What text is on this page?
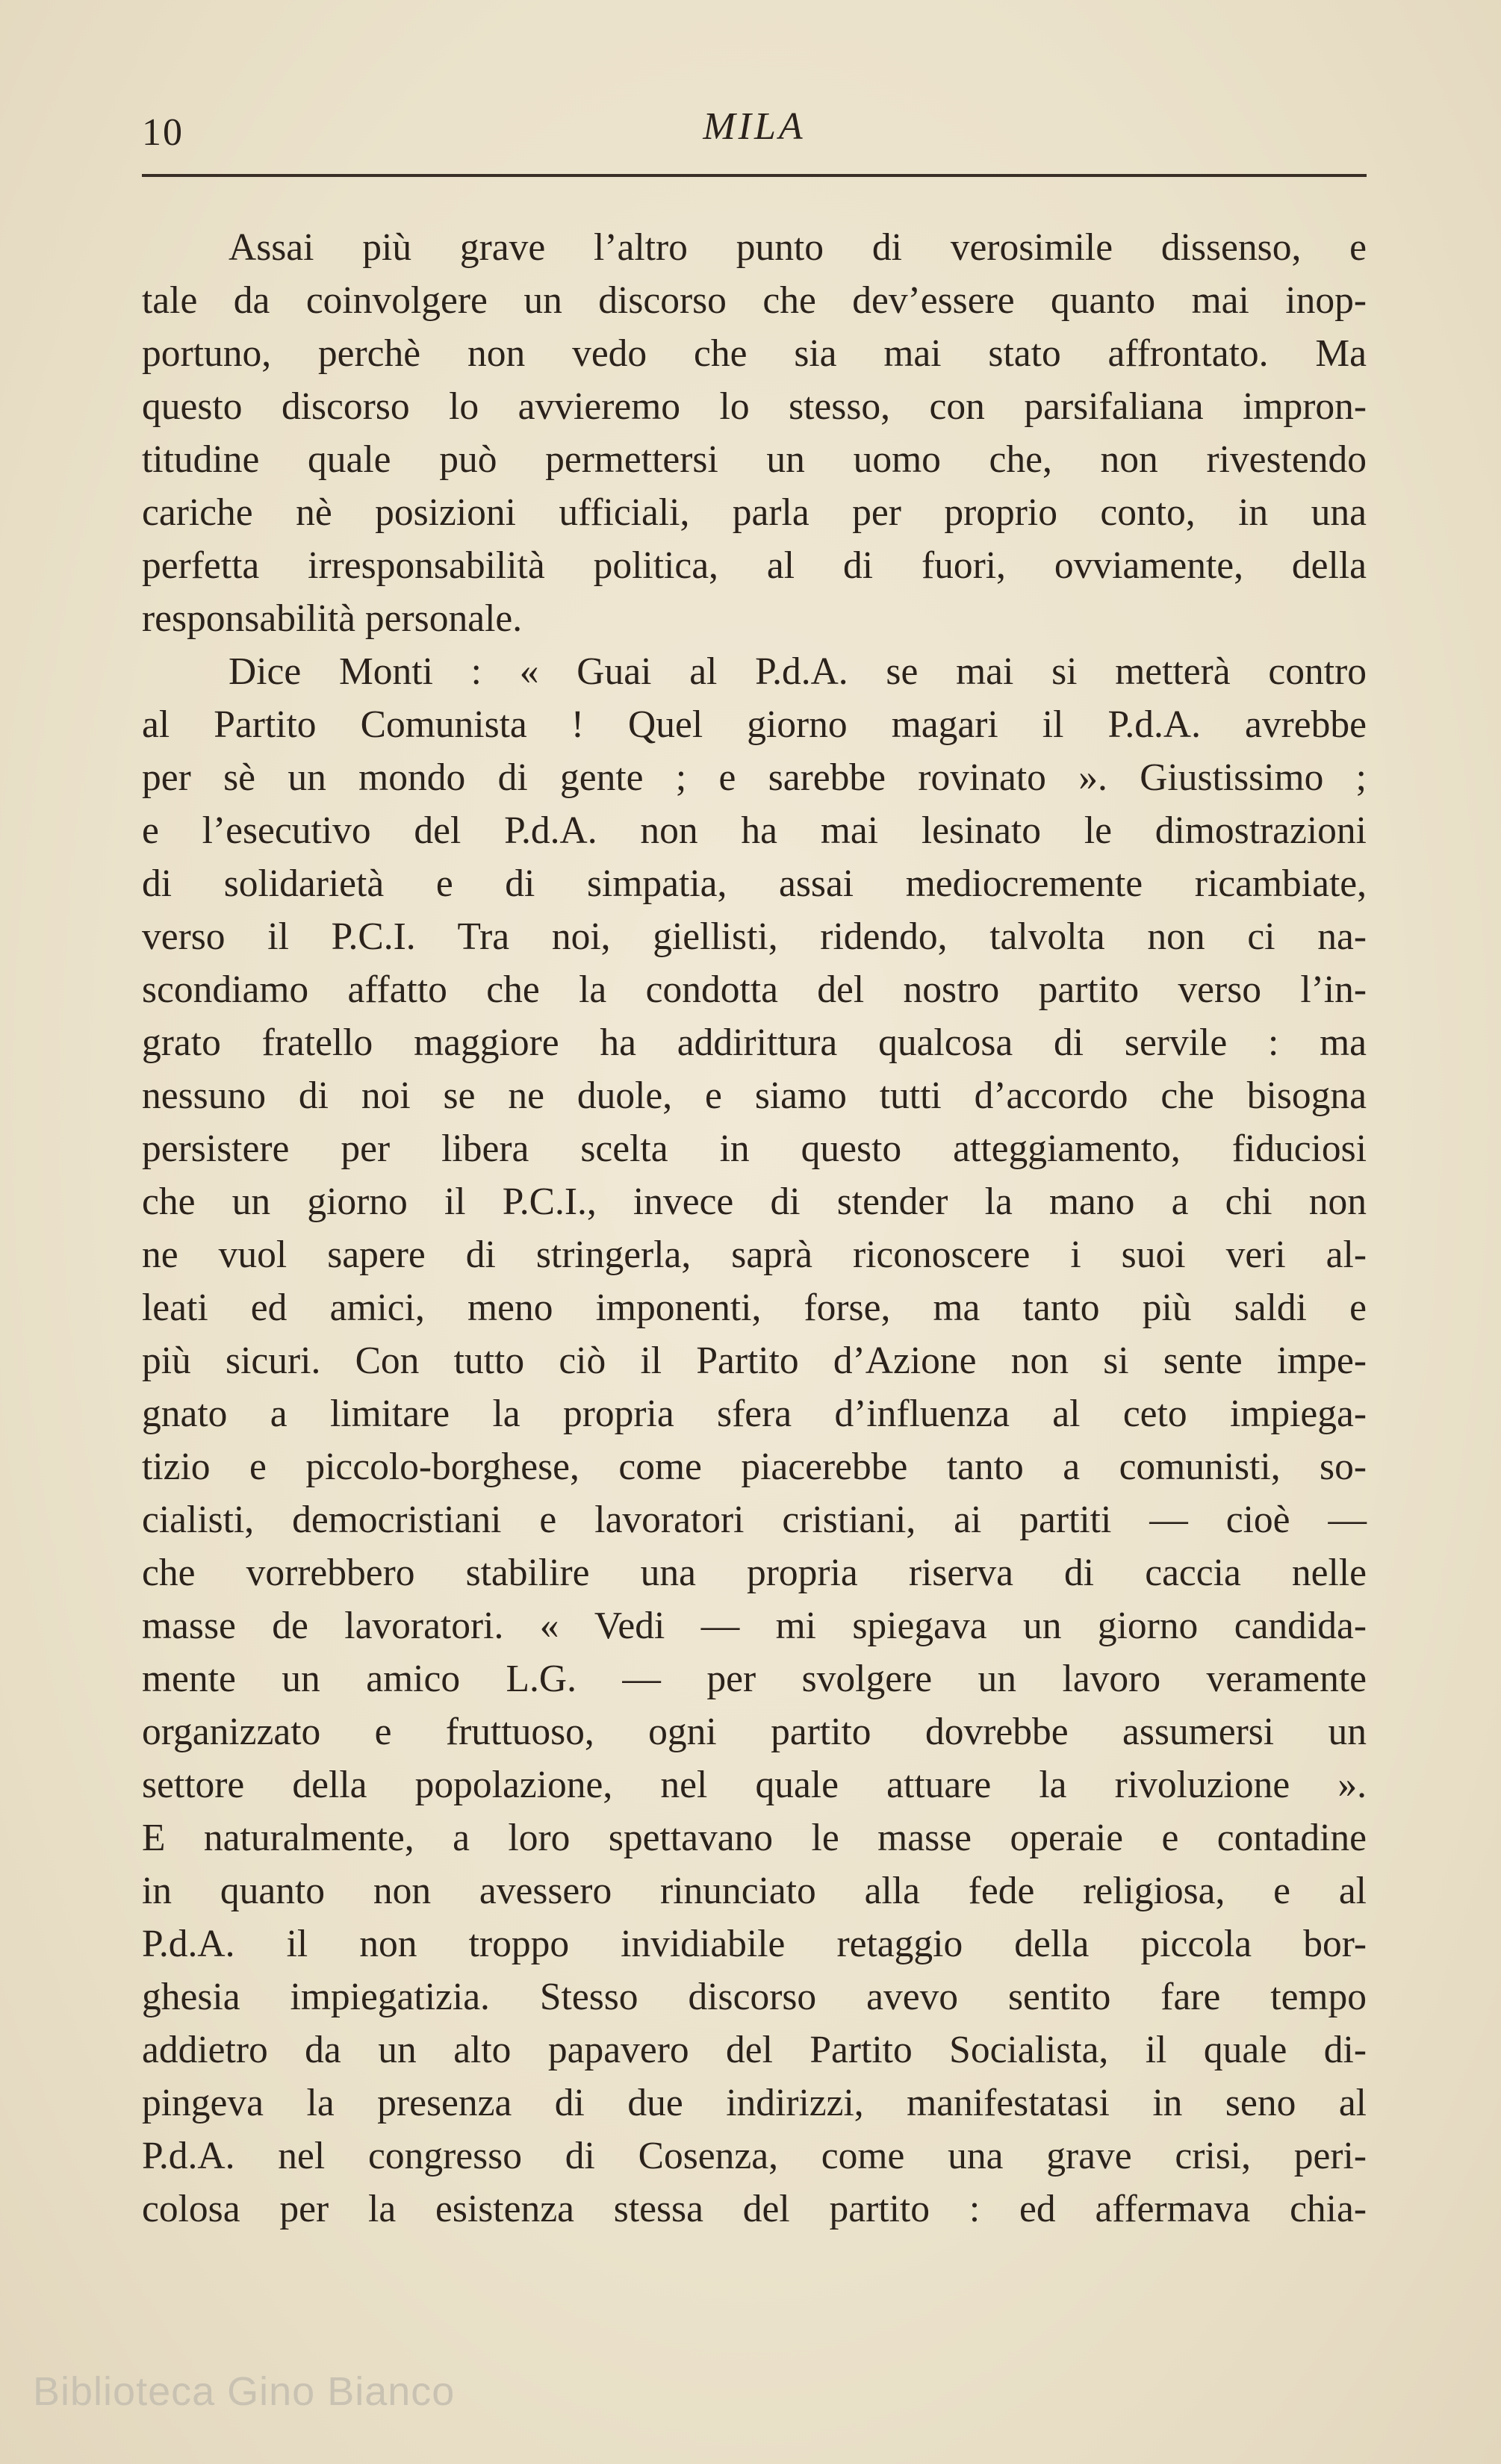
10	MILA
Assai più grave l’altro punto di verosimile dissenso, e
tale da coinvolgere un discorso che dev’essere quanto mai inop-
portuno, perchè non vedo che sia mai stato affrontato. Ma
questo discorso lo avvieremo lo stesso, con parsifaliana impron-
titudine quale può permettersi un uomo che, non rivestendo
cariche nè posizioni ufficiali, parla per proprio conto, in una
perfetta irresponsabilità politica, al di fuori, ovviamente, della
responsabilità personale.
Dice Monti : « Guai al P.d.A. se mai si metterà contro
al Partito Comunista ! Quel giorno magari il P.d.A. avrebbe
per sè un mondo di gente ; e sarebbe rovinato ». Giustissimo ;
e l’esecutivo del P.d.A. non ha mai lesinato le dimostrazioni
di solidarietà e di simpatia, assai mediocremente ricambiate,
verso il P.C.I. Tra noi, giellisti, ridendo, talvolta non ci na-
scondiamo affatto che la condotta del nostro partito verso l’in-
grato fratello maggiore ha addirittura qualcosa di servile : ma
nessuno di noi se ne duole, e siamo tutti d’accordo che bisogna
persistere per libera scelta in questo atteggiamento, fiduciosi
che un giorno il P.C.I., invece di stender la mano a chi non
ne vuol sapere di stringerla, saprà riconoscere i suoi veri al-
leati ed amici, meno imponenti, forse, ma tanto più saldi e
più sicuri. Con tutto ciò il Partito d’Azione non si sente impe-
gnato a limitare la propria sfera d’influenza al ceto impiega-
tizio e piccolo-borghese, come piacerebbe tanto a comunisti, so-
cialisti, democristiani e lavoratori cristiani, ai partiti — cioè —
che vorrebbero stabilire una propria riserva di caccia nelle
masse de lavoratori. « Vedi — mi spiegava un giorno candida-
mente un amico L.G. — per svolgere un lavoro veramente
organizzato e fruttuoso, ogni partito dovrebbe assumersi un
settore della popolazione, nel quale attuare la rivoluzione ».
E naturalmente, a loro spettavano le masse operaie e contadine
in quanto non avessero rinunciato alla fede religiosa, e al
P.d.A. il non troppo invidiabile retaggio della piccola bor-
ghesia impiegatizia. Stesso discorso avevo sentito fare tempo
addietro da un alto papavero del Partito Socialista, il quale di-
pingeva la presenza di due indirizzi, manifestatasi in seno al
P.d.A. nel congresso di Cosenza, come una grave crisi, peri-
colosa per la esistenza stessa del partito : ed affermava chia-
Biblioteca Gino Bianco
